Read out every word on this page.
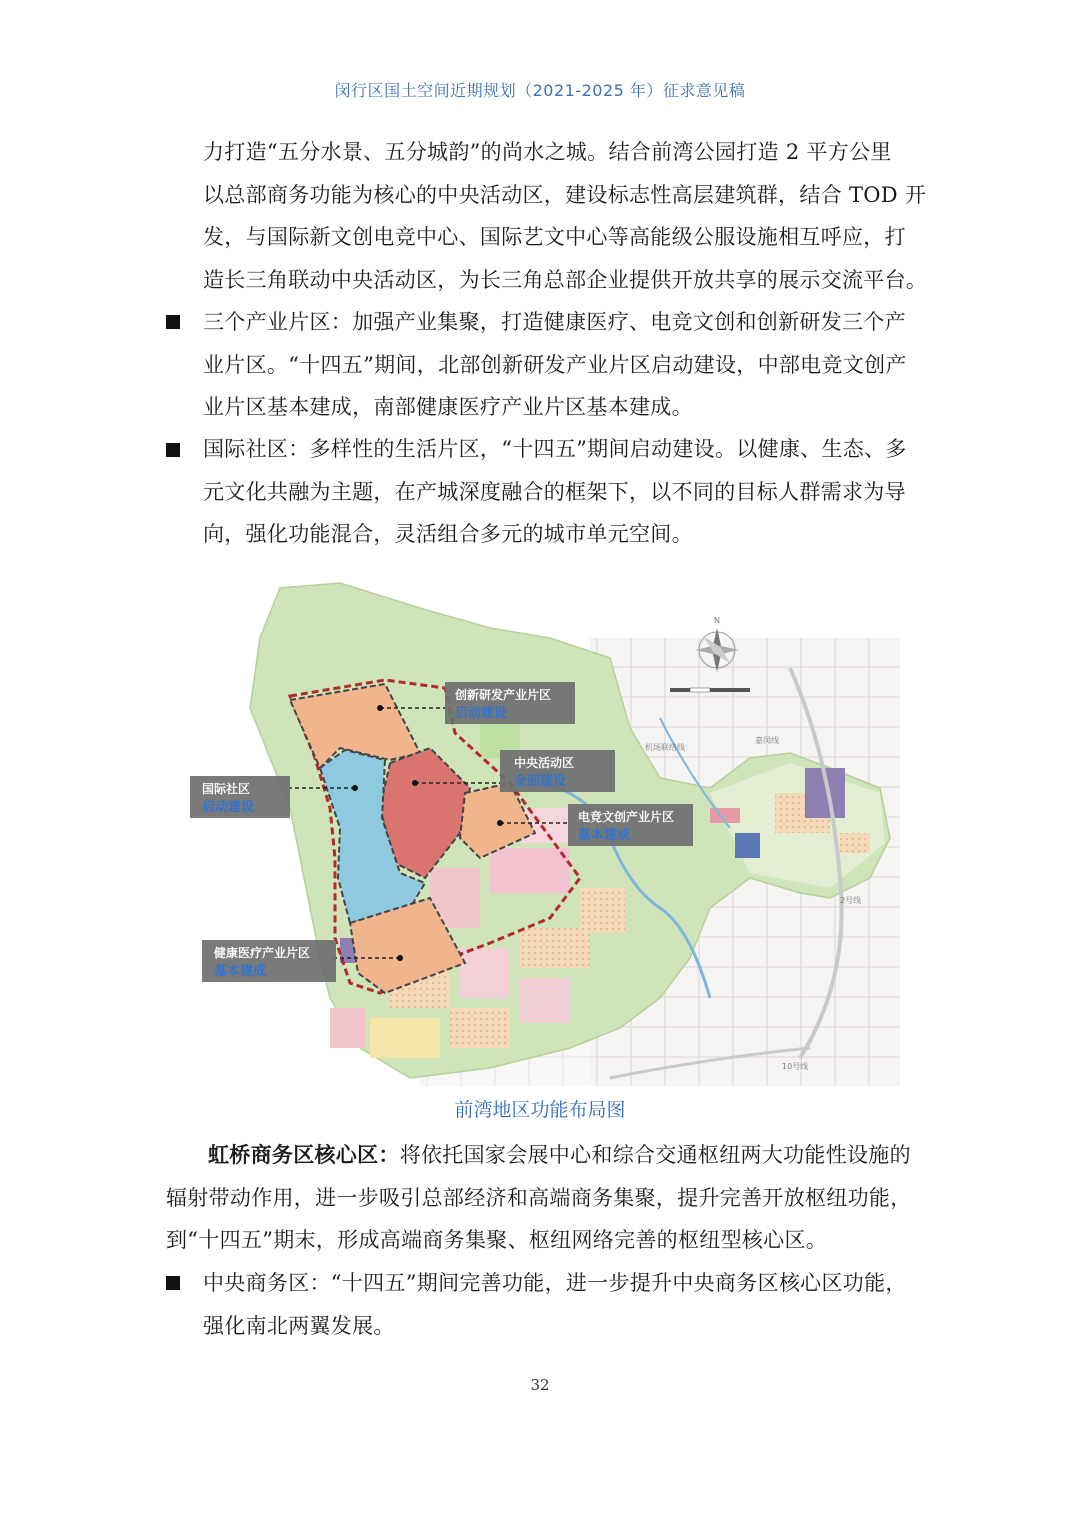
闵行区国土空间近期规划（2021-2025 年）征求意见稿
力打造“五分水景、五分城韵”的尚水之城。结合前湾公园打造 2 平方公里
以总部商务功能为核心的中央活动区，建设标志性高层建筑群，结合 TOD 开
发，与国际新文创电竞中心、国际艺文中心等高能级公服设施相互呼应，打
造长三角联动中央活动区，为长三角总部企业提供开放共享的展示交流平台。
三个产业片区：加强产业集聚，打造健康医疗、电竞文创和创新研发三个产
业片区。“十四五”期间，北部创新研发产业片区启动建设，中部电竞文创产
业片区基本建成，南部健康医疗产业片区基本建成。
国际社区：多样性的生活片区，“十四五”期间启动建设。以健康、生态、多
元文化共融为主题，在产城深度融合的框架下，以不同的目标人群需求为导
向，强化功能混合，灵活组合多元的城市单元空间。
创新研发产业片区
启动建设
中央活动区
全面建设
国际社区
启动建设
电竞文创产业片区
基本建成
健康医疗产业片区
基本建成
N
机场联络线
嘉闵线
10号线
2号线
前湾地区功能布局图
虹桥商务区核心区：将依托国家会展中心和综合交通枢纽两大功能性设施的
辐射带动作用，进一步吸引总部经济和高端商务集聚，提升完善开放枢纽功能，
到“十四五”期末，形成高端商务集聚、枢纽网络完善的枢纽型核心区。
中央商务区：“十四五”期间完善功能，进一步提升中央商务区核心区功能，
强化南北两翼发展。
32
